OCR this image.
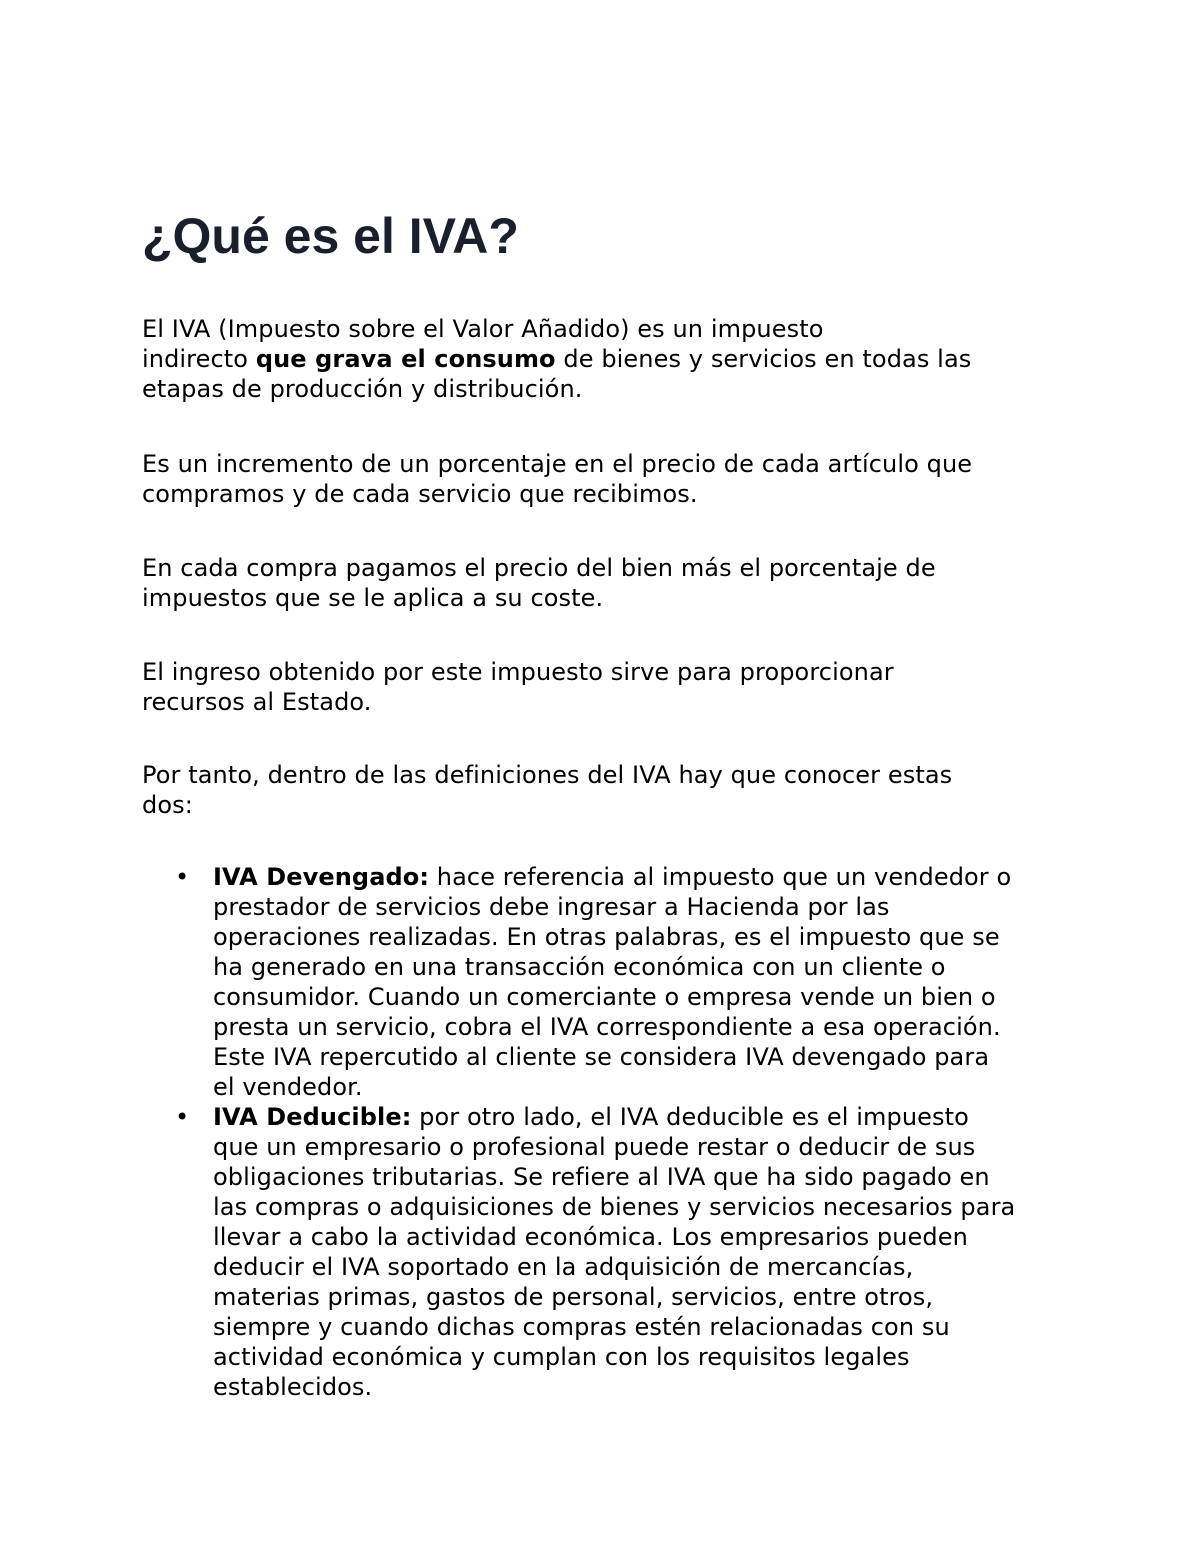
¿Qué es el IVA?

El IVA (Impuesto sobre el Valor Añadido) es un impuesto
indirecto que grava el consumo de bienes y servicios en todas las
etapas de producción y distribución.

Es un incremento de un porcentaje en el precio de cada artículo que
compramos y de cada servicio que recibimos.

En cada compra pagamos el precio del bien más el porcentaje de
impuestos que se le aplica a su coste.

El ingreso obtenido por este impuesto sirve para proporcionar
recursos al Estado.

Por tanto, dentro de las definiciones del IVA hay que conocer estas
dos:

• IVA Devengado: hace referencia al impuesto que un vendedor o
prestador de servicios debe ingresar a Hacienda por las
operaciones realizadas. En otras palabras, es el impuesto que se
ha generado en una transacción económica con un cliente o
consumidor. Cuando un comerciante o empresa vende un bien o
presta un servicio, cobra el IVA correspondiente a esa operación.
Este IVA repercutido al cliente se considera IVA devengado para
el vendedor.
• IVA Deducible: por otro lado, el IVA deducible es el impuesto
que un empresario o profesional puede restar o deducir de sus
obligaciones tributarias. Se refiere al IVA que ha sido pagado en
las compras o adquisiciones de bienes y servicios necesarios para
llevar a cabo la actividad económica. Los empresarios pueden
deducir el IVA soportado en la adquisición de mercancías,
materias primas, gastos de personal, servicios, entre otros,
siempre y cuando dichas compras estén relacionadas con su
actividad económica y cumplan con los requisitos legales
establecidos.
